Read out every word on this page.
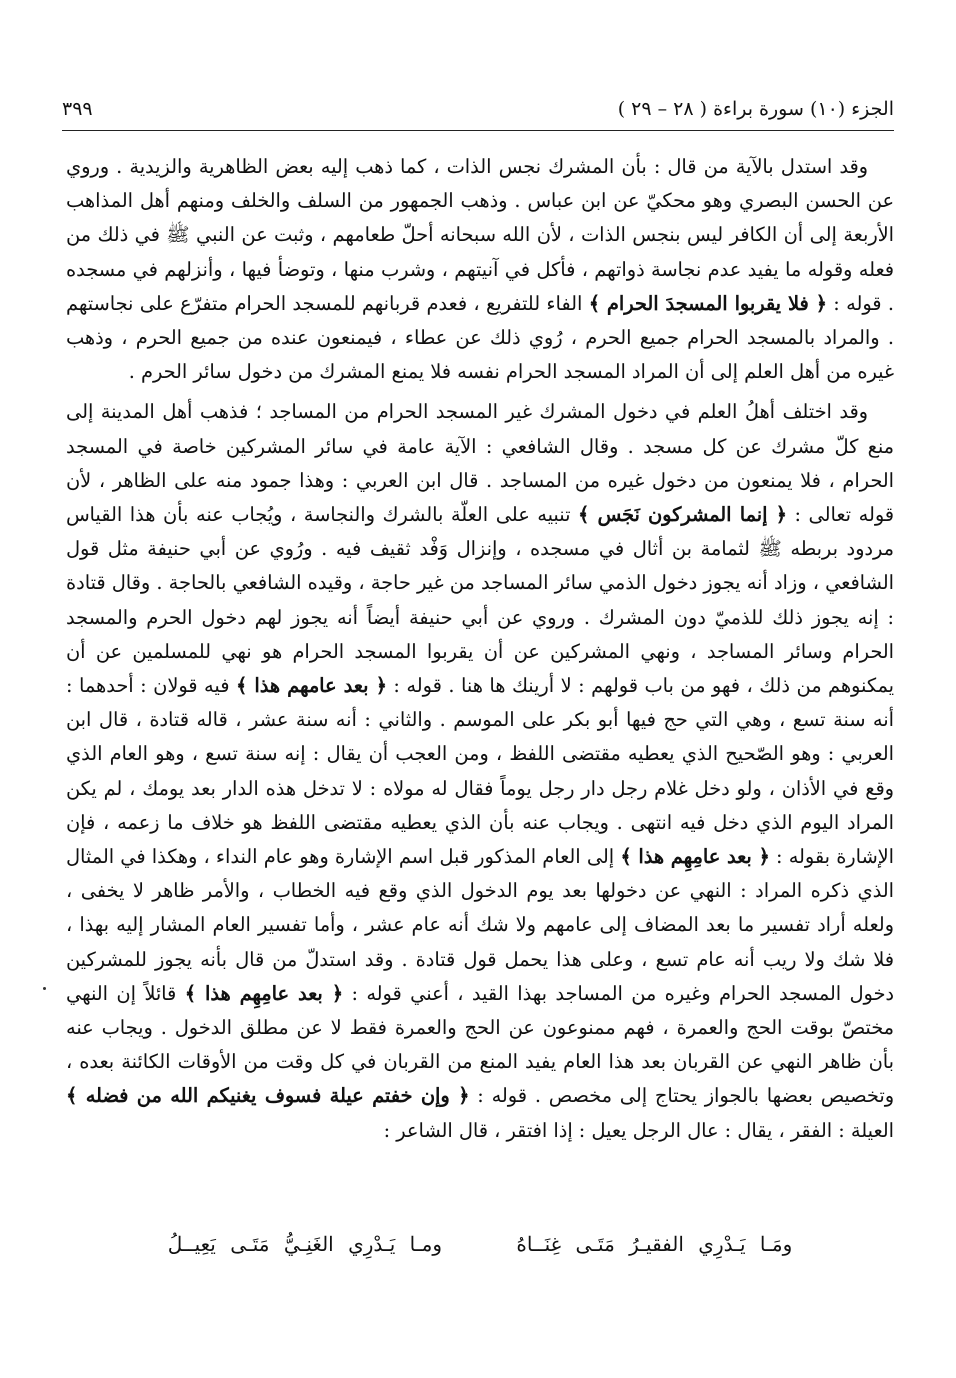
الجزء (١٠) سورة براءة ( ٢٨ – ٢٩ )
٣٩٩

وقد استدل بالآية من قال : بأن المشرك نجس الذات ، كما ذهب إليه بعض الظاهرية والزيدية . وروي عن الحسن البصري وهو محكيّ عن ابن عباس . وذهب الجمهور من السلف والخلف ومنهم أهل المذاهب الأربعة إلى أن الكافر ليس بنجس الذات ، لأن الله سبحانه أحلّ طعامهم ، وثبت عن النبي ﷺ في ذلك من فعله وقوله ما يفيد عدم نجاسة ذواتهم ، فأكل في آنيتهم ، وشرب منها ، وتوضأ فيها ، وأنزلهم في مسجده . قوله : ﴿ فلا يقربوا المسجدَ الحرام ﴾ الفاء للتفريع ، فعدم قربانهم للمسجد الحرام متفرّع على نجاستهم . والمراد بالمسجد الحرام جميع الحرم ، رُوي ذلك عن عطاء ، فيمنعون عنده من جميع الحرم ، وذهب غيره من أهل العلم إلى أن المراد المسجد الحرام نفسه فلا يمنع المشرك من دخول سائر الحرم .

وقد اختلف أهلُ العلم في دخول المشرك غير المسجد الحرام من المساجد ؛ فذهب أهل المدينة إلى منع كلّ مشرك عن كل مسجد . وقال الشافعي : الآية عامة في سائر المشركين خاصة في المسجد الحرام ، فلا يمنعون من دخول غيره من المساجد . قال ابن العربي : وهذا جمود منه على الظاهر ، لأن قوله تعالى : ﴿ إنما المشركون نَجَس ﴾ تنبيه على العلّة بالشرك والنجاسة ، ويُجاب عنه بأن هذا القياس مردود بربطه ﷺ لثمامة بن أثال في مسجده ، وإنزال وَفْد ثقيف فيه . ورُوي عن أبي حنيفة مثل قول الشافعي ، وزاد أنه يجوز دخول الذمي سائر المساجد من غير حاجة ، وقيده الشافعي بالحاجة . وقال قتادة : إنه يجوز ذلك للذميّ دون المشرك . وروي عن أبي حنيفة أيضاً أنه يجوز لهم دخول الحرم والمسجد الحرام وسائر المساجد ، ونهي المشركين عن أن يقربوا المسجد الحرام هو نهي للمسلمين عن أن يمكنوهم من ذلك ، فهو من باب قولهم : لا أرينك ها هنا . قوله : ﴿ بعد عامهم هذا ﴾ فيه قولان : أحدهما : أنه سنة تسع ، وهي التي حج فيها أبو بكر على الموسم . والثاني : أنه سنة عشر ، قاله قتادة ، قال ابن العربي : وهو الصّحيح الذي يعطيه مقتضى اللفظ ، ومن العجب أن يقال : إنه سنة تسع ، وهو العام الذي وقع في الأذان ، ولو دخل غلام رجل دار رجل يوماً فقال له مولاه : لا تدخل هذه الدار بعد يومك ، لم يكن المراد اليوم الذي دخل فيه انتهى . ويجاب عنه بأن الذي يعطيه مقتضى اللفظ هو خلاف ما زعمه ، فإن الإشارة بقوله : ﴿ بعد عامِهِم هذا ﴾ إلى العام المذكور قبل اسم الإشارة وهو عام النداء ، وهكذا في المثال الذي ذكره المراد : النهي عن دخولها بعد يوم الدخول الذي وقع فيه الخطاب ، والأمر ظاهر لا يخفى ، ولعله أراد تفسير ما بعد المضاف إلى عامهم ولا شك أنه عام عشر ، وأما تفسير العام المشار إليه بهذا ، فلا شك ولا ريب أنه عام تسع ، وعلى هذا يحمل قول قتادة . وقد استدلّ من قال بأنه يجوز للمشركين دخول المسجد الحرام وغيره من المساجد بهذا القيد ، أعني قوله : ﴿ بعد عامِهِم هذا ﴾ قائلاً إن النهي مختصّ بوقت الحج والعمرة ، فهم ممنوعون عن الحج والعمرة فقط لا عن مطلق الدخول . ويجاب عنه بأن ظاهر النهي عن القربان بعد هذا العام يفيد المنع من القربان في كل وقت من الأوقات الكائنة بعده ، وتخصيص بعضها بالجواز يحتاج إلى مخصص . قوله : ﴿ وإن خفتم عيلة فسوف يغنيكم الله من فضله ﴾ العيلة : الفقر ، يقال : عال الرجل يعيل : إذا افتقر ، قال الشاعر :

ومَـا يَـدْرِي الفقيـرُ مَتَـى غِنَــاهُ ومـا يَـدْرِي الغَنِـيُّ مَتَـى يَعِيــلُ
